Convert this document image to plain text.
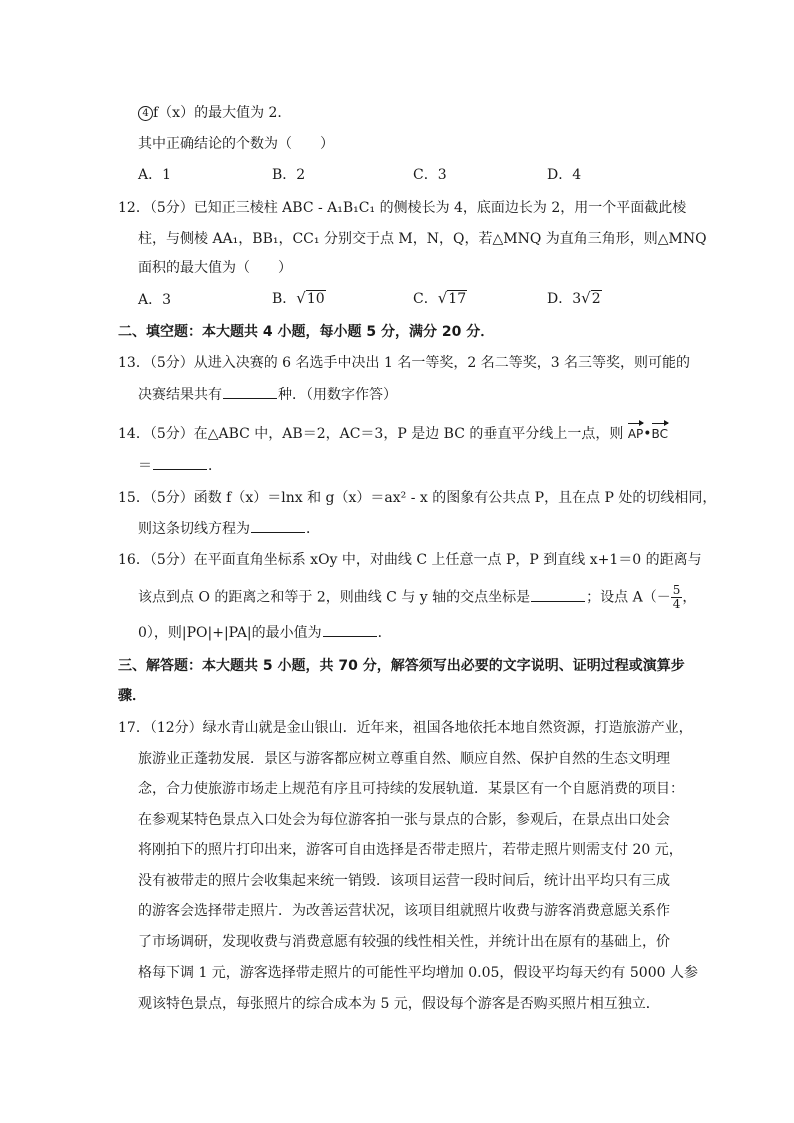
4 f（x）的最大值为 2．
其中正确结论的个数为（　　）
A．1	B．2	C．3	D．4
12．（5分）已知正三棱柱 ABC - A₁B₁C₁ 的侧棱长为 4，底面边长为 2，用一个平面截此棱
柱，与侧棱 AA₁，BB₁，CC₁ 分别交于点 M，N，Q，若△MNQ 为直角三角形，则△MNQ
面积的最大值为（　　）
A．3	B．√10	C．√17	D．3√2
二、填空题：本大题共 4 小题，每小题 5 分，满分 20 分．
13．（5分）从进入决赛的 6 名选手中决出 1 名一等奖，2 名二等奖，3 名三等奖，则可能的
决赛结果共有	种．（用数字作答）
14．（5分）在△ABC 中，AB＝2，AC＝3，P 是边 BC 的垂直平分线上一点，则 AP•BC
＝	．
15．（5分）函数 f（x）＝lnx 和 g（x）＝ax² - x 的图象有公共点 P，且在点 P 处的切线相同，
则这条切线方程为	．
16．（5分）在平面直角坐标系 xOy 中，对曲线 C 上任意一点 P，P 到直线 x+1＝0 的距离与
该点到点 O 的距离之和等于 2，则曲线 C 与 y 轴的交点坐标是	；设点 $A(- \frac{5}{4}$ ，
0），则|PO|+|PA|的最小值为	．
三、解答题：本大题共 5 小题，共 70 分，解答须写出必要的文字说明、证明过程或演算步
骤．
17．（12分）绿水青山就是金山银山．近年来，祖国各地依托本地自然资源，打造旅游产业，
旅游业正蓬勃发展．景区与游客都应树立尊重自然、顺应自然、保护自然的生态文明理
念，合力使旅游市场走上规范有序且可持续的发展轨道．某景区有一个自愿消费的项目：
在参观某特色景点入口处会为每位游客拍一张与景点的合影，参观后，在景点出口处会
将刚拍下的照片打印出来，游客可自由选择是否带走照片，若带走照片则需支付 20 元，
没有被带走的照片会收集起来统一销毁．该项目运营一段时间后，统计出平均只有三成
的游客会选择带走照片．为改善运营状况，该项目组就照片收费与游客消费意愿关系作
了市场调研，发现收费与消费意愿有较强的线性相关性，并统计出在原有的基础上，价
格每下调 1 元，游客选择带走照片的可能性平均增加 0.05，假设平均每天约有 5000 人参
观该特色景点，每张照片的综合成本为 5 元，假设每个游客是否购买照片相互独立．
